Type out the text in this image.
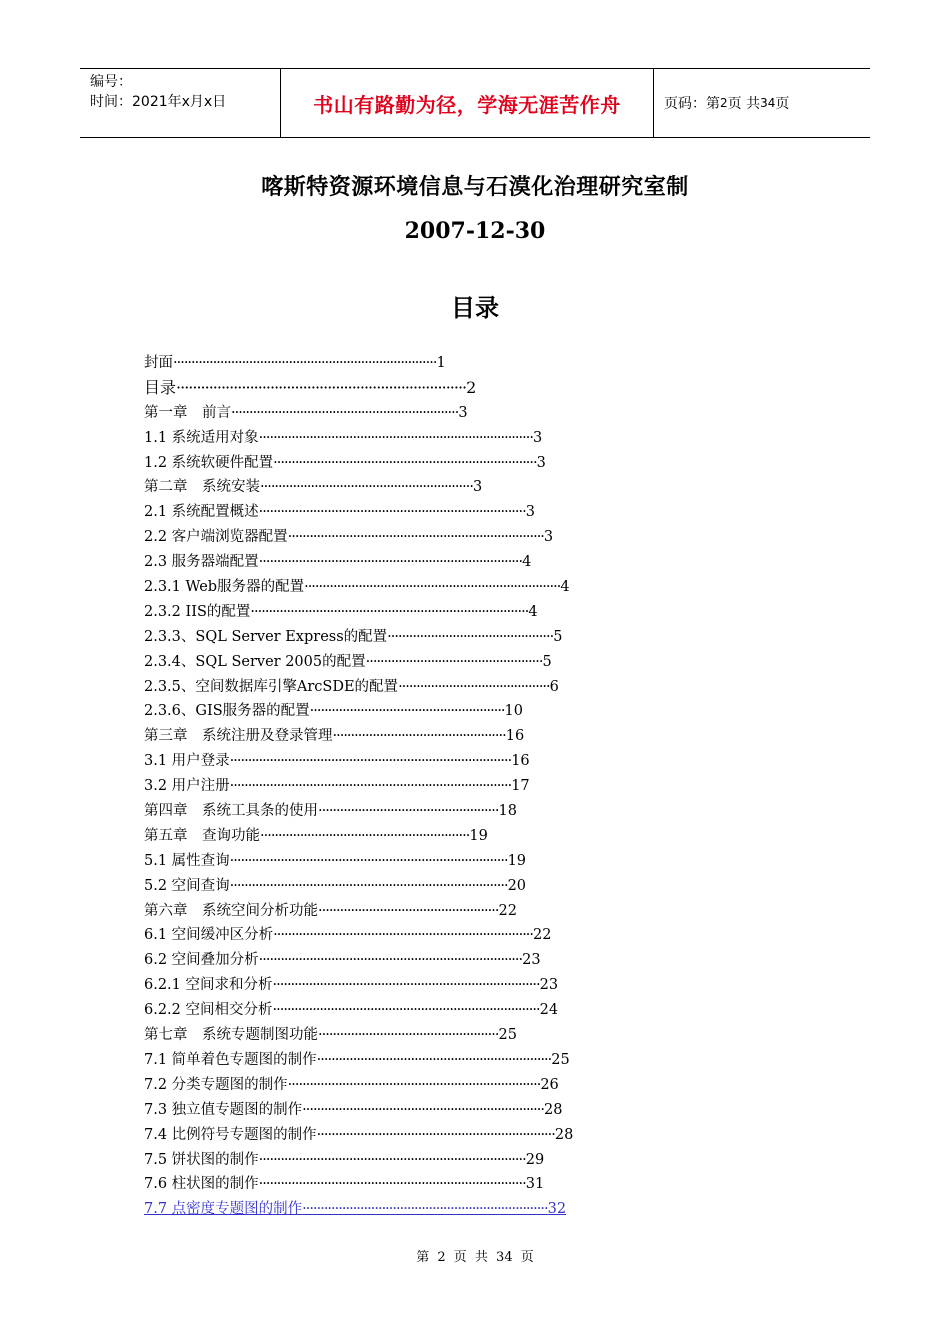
编号：
时间：2021年x月x日	书山有路勤为径，学海无涯苦作舟	页码：第 2 页 共 34 页
喀斯特资源环境信息与石漠化治理研究室制
2007-12-30
目录
封面·········································································1
目录·······································································2
第一章　前言·······························································3
1.1 系统适用对象············································································3
1.2 系统软硬件配置·········································································3
第二章　系统安装···························································3
2.1 系统配置概述··········································································3
2.2 客户端浏览器配置·······································································3
2.3 服务器端配置·········································································4
2.3.1 Web服务器的配置·······································································4
2.3.2 IIS的配置·············································································4
2.3.3、SQL Server Express的配置··············································5
2.3.4、SQL Server 2005的配置·················································5
2.3.5、空间数据库引擎ArcSDE的配置··········································6
2.3.6、GIS服务器的配置······················································10
第三章　系统注册及登录管理················································16
3.1 用户登录··············································································16
3.2 用户注册··············································································17
第四章　系统工具条的使用··················································18
第五章　查询功能··························································19
5.1 属性查询·············································································19
5.2 空间查询·············································································20
第六章　系统空间分析功能··················································22
6.1 空间缓冲区分析········································································22
6.2 空间叠加分析·········································································23
6.2.1 空间求和分析··········································································23
6.2.2 空间相交分析··········································································24
第七章　系统专题制图功能··················································25
7.1 简单着色专题图的制作·································································25
7.2 分类专题图的制作······································································26
7.3 独立值专题图的制作···································································28
7.4 比例符号专题图的制作··································································28
7.5 饼状图的制作··········································································29
7.6 柱状图的制作··········································································31
7.7 点密度专题图的制作····································································32
第 2 页 共 34 页
